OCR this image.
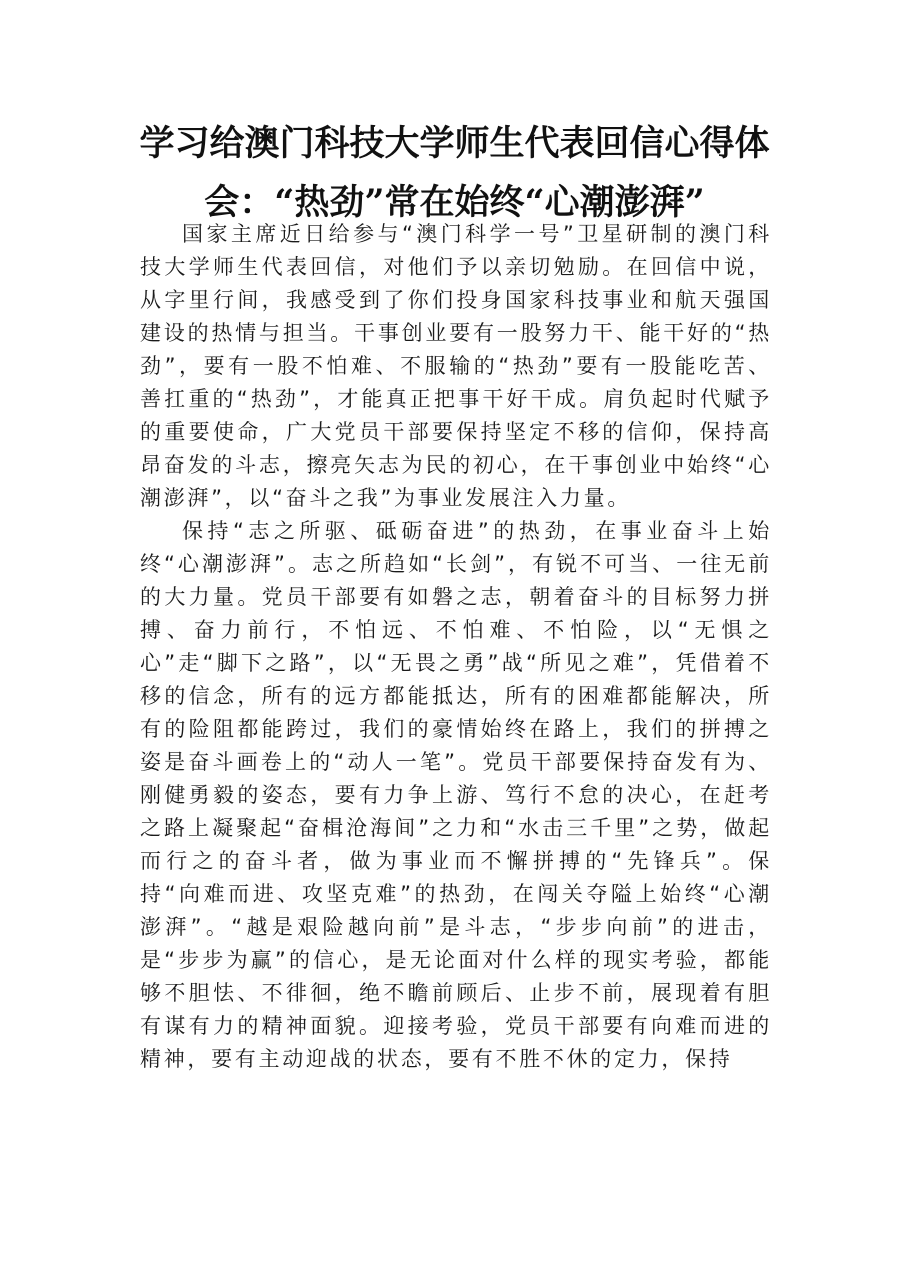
学习给澳门科技大学师生代表回信心得体
会：“热劲”常在始终“心潮澎湃”

国家主席近日给参与“澳门科学一号”卫星研制的澳门科技大学师生代表回信，对他们予以亲切勉励。在回信中说，从字里行间，我感受到了你们投身国家科技事业和航天强国建设的热情与担当。干事创业要有一股努力干、能干好的“热劲”，要有一股不怕难、不服输的“热劲”要有一股能吃苦、善扛重的“热劲”，才能真正把事干好干成。肩负起时代赋予的重要使命，广大党员干部要保持坚定不移的信仰，保持高昂奋发的斗志，擦亮矢志为民的初心，在干事创业中始终“心潮澎湃”，以“奋斗之我”为事业发展注入力量。

保持“志之所驱、砥砺奋进”的热劲，在事业奋斗上始终“心潮澎湃”。志之所趋如“长剑”，有锐不可当、一往无前的大力量。党员干部要有如磐之志，朝着奋斗的目标努力拼搏、奋力前行，不怕远、不怕难、不怕险，以“无惧之心”走“脚下之路”，以“无畏之勇”战“所见之难”，凭借着不移的信念，所有的远方都能抵达，所有的困难都能解决，所有的险阻都能跨过，我们的豪情始终在路上，我们的拼搏之姿是奋斗画卷上的“动人一笔”。党员干部要保持奋发有为、刚健勇毅的姿态，要有力争上游、笃行不怠的决心，在赶考之路上凝聚起“奋楫沧海间”之力和“水击三千里”之势，做起而行之的奋斗者，做为事业而不懈拼搏的“先锋兵”。保持“向难而进、攻坚克难”的热劲，在闯关夺隘上始终“心潮澎湃”。“越是艰险越向前”是斗志，“步步向前”的进击，是“步步为赢”的信心，是无论面对什么样的现实考验，都能够不胆怯、不徘徊，绝不瞻前顾后、止步不前，展现着有胆有谋有力的精神面貌。迎接考验，党员干部要有向难而进的精神，要有主动迎战的状态，要有不胜不休的定力，保持
